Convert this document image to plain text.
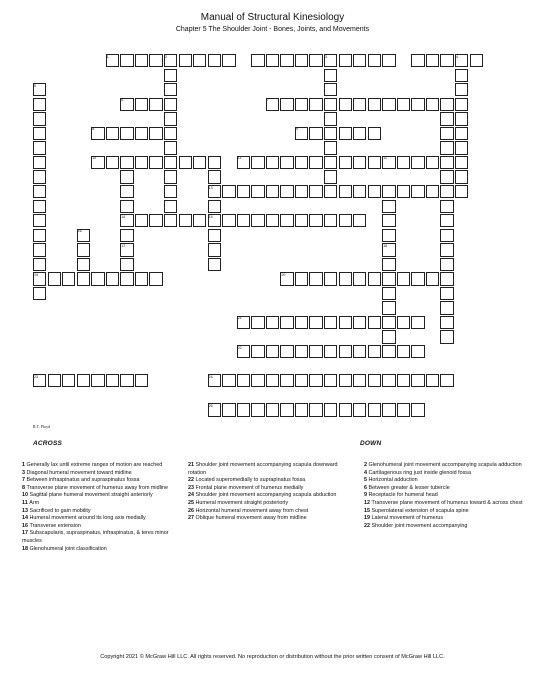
Manual of Structural Kinesiology
Chapter 5 The Shoulder Joint - Bones, Joints, and Movements
1	2	3	4
5
6	7
8	9
10	11	12
13
14	15
16
17	18
19	20
21
22
23	24
25
R.T. Floyd
ACROSS	DOWN
1 Generally lax until extreme ranges of motion are reached
3 Diagonal humeral movement toward midline
7 Between infraspinatus and supraspinatus fossa
8 Transverse plane movement of humerus away from midline
10 Sagittal plane humeral movement straight anteriorly
11 Arm
13 Sacrificed to gain mobility
14 Humeral movement around its long axis medially
16 Transverse extension
17 Subscapularis, supraspinatus, infraspinatus, & teres minor muscles
18 Glenohumeral joint classification
21 Shoulder joint movement accompanying scapula downward rotation
22 Located superomedially to suprapinatus fossa
23 Frontal plane movement of humerus medially
24 Shoulder joint movement accompanying scapula abduction
25 Humeral movement straight posteriorly
26 Horizontal humeral movement away from chest
27 Oblique humeral movement away from midline
2 Glenohumeral joint movement accompanying scapula adduction
4 Cartilagenous ring just inside glenoid fossa
5 Horizontal adduction
6 Between greater & lesser tubercle
9 Receptacle for humeral head
12 Transverse plane movement of humerus toward & across chest
15 Superolateral extension of scapula spine
19 Lateral movement of humerus
22 Shoulder joint movement accompanying
Copyright 2021 © McGraw Hill LLC. All rights reserved. No reproduction or distribution without the prior written consent of McGraw Hill LLC.
